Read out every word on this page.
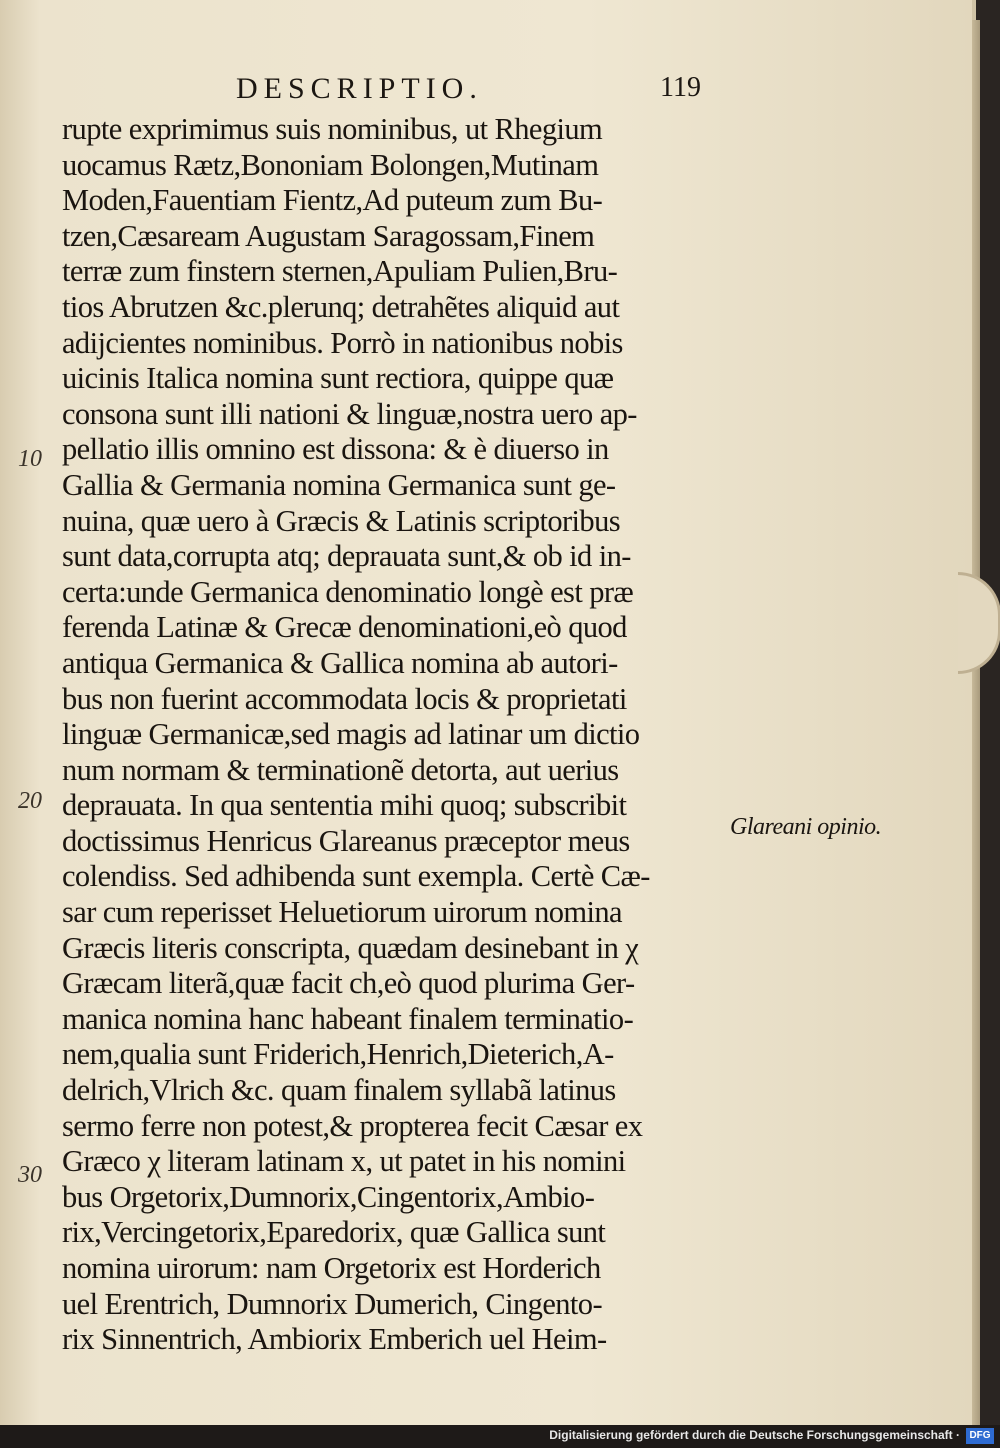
DESCRIPTIO.	119
rupte exprimimus suis nominibus, ut Rhegium
uocamus Rætz,Bononiam Bolongen,Mutinam
Moden,Fauentiam Fientz,Ad puteum zum Bu-
tzen,Cæsaream Augustam Saragossam,Finem
terræ zum finstern sternen,Apuliam Pulien,Bru-
tios Abrutzen &c.plerunq; detrahẽtes aliquid aut
adijcientes nominibus. Porrò in nationibus nobis
uicinis Italica nomina sunt rectiora, quippe quæ
consona sunt illi nationi & linguæ,nostra uero ap-
pellatio illis omnino est dissona: & è diuerso in
Gallia & Germania nomina Germanica sunt ge-
nuina, quæ uero à Græcis & Latinis scriptoribus
sunt data,corrupta atq; deprauata sunt,& ob id in-
certa:unde Germanica denominatio longè est præ
ferenda Latinæ & Grecæ denominationi,eò quod
antiqua Germanica & Gallica nomina ab autori-
bus non fuerint accommodata locis & proprietati
linguæ Germanicæ,sed magis ad latinar um dictio
num normam & terminationẽ detorta, aut uerius
deprauata. In qua sententia mihi quoq; subscribit
doctissimus Henricus Glareanus præceptor meus
colendiss. Sed adhibenda sunt exempla. Certè Cæ-
sar cum reperisset Heluetiorum uirorum nomina
Græcis literis conscripta, quædam desinebant in χ
Græcam literã,quæ facit ch,eò quod plurima Ger-
manica nomina hanc habeant finalem terminatio-
nem,qualia sunt Friderich,Henrich,Dieterich,A-
delrich,Vlrich &c. quam finalem syllabã latinus
sermo ferre non potest,& propterea fecit Cæsar ex
Græco χ literam latinam x, ut patet in his nomini
bus Orgetorix,Dumnorix,Cingentorix,Ambio-
rix,Vercingetorix,Eparedorix, quæ Gallica sunt
nomina uirorum: nam Orgetorix est Horderich
uel Erentrich, Dumnorix Dumerich, Cingento-
rix Sinnentrich, Ambiorix Emberich uel Heim-
10
20
30
Glareani opinio.
Digitalisierung gefördert durch die Deutsche Forschungsgemeinschaft · DFG
